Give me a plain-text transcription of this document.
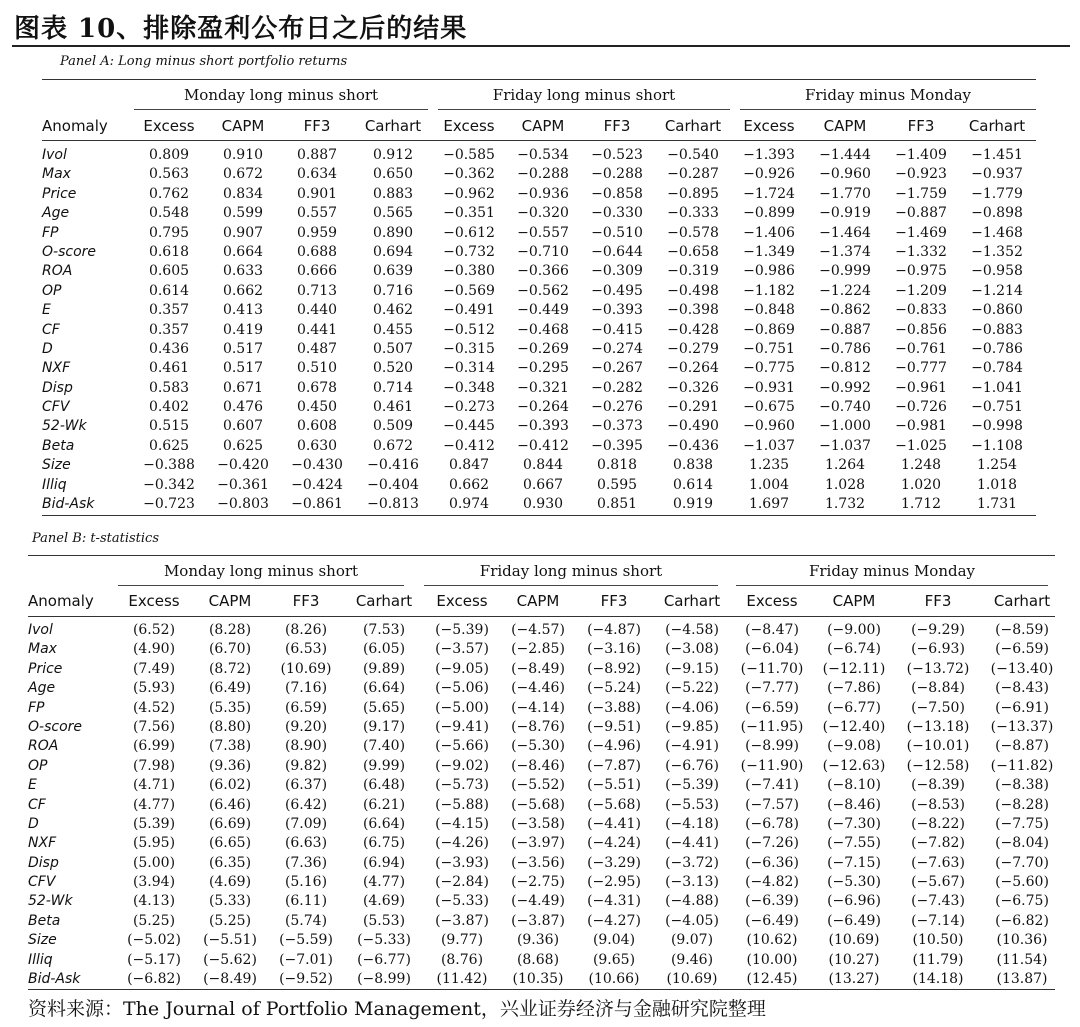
图表 10、排除盈利公布日之后的结果
Panel A: Long minus short portfolio returns
Monday long minus short	Friday long minus short	Friday minus Monday
Anomaly	Excess	CAPM	FF3	Carhart	Excess	CAPM	FF3	Carhart	Excess	CAPM	FF3	Carhart
Ivol	0.809	0.910	0.887	0.912	−0.585	−0.534	−0.523	−0.540	−1.393	−1.444	−1.409	−1.451
Max	0.563	0.672	0.634	0.650	−0.362	−0.288	−0.288	−0.287	−0.926	−0.960	−0.923	−0.937
Price	0.762	0.834	0.901	0.883	−0.962	−0.936	−0.858	−0.895	−1.724	−1.770	−1.759	−1.779
Age	0.548	0.599	0.557	0.565	−0.351	−0.320	−0.330	−0.333	−0.899	−0.919	−0.887	−0.898
FP	0.795	0.907	0.959	0.890	−0.612	−0.557	−0.510	−0.578	−1.406	−1.464	−1.469	−1.468
O-score	0.618	0.664	0.688	0.694	−0.732	−0.710	−0.644	−0.658	−1.349	−1.374	−1.332	−1.352
ROA	0.605	0.633	0.666	0.639	−0.380	−0.366	−0.309	−0.319	−0.986	−0.999	−0.975	−0.958
OP	0.614	0.662	0.713	0.716	−0.569	−0.562	−0.495	−0.498	−1.182	−1.224	−1.209	−1.214
E	0.357	0.413	0.440	0.462	−0.491	−0.449	−0.393	−0.398	−0.848	−0.862	−0.833	−0.860
CF	0.357	0.419	0.441	0.455	−0.512	−0.468	−0.415	−0.428	−0.869	−0.887	−0.856	−0.883
D	0.436	0.517	0.487	0.507	−0.315	−0.269	−0.274	−0.279	−0.751	−0.786	−0.761	−0.786
NXF	0.461	0.517	0.510	0.520	−0.314	−0.295	−0.267	−0.264	−0.775	−0.812	−0.777	−0.784
Disp	0.583	0.671	0.678	0.714	−0.348	−0.321	−0.282	−0.326	−0.931	−0.992	−0.961	−1.041
CFV	0.402	0.476	0.450	0.461	−0.273	−0.264	−0.276	−0.291	−0.675	−0.740	−0.726	−0.751
52-Wk	0.515	0.607	0.608	0.509	−0.445	−0.393	−0.373	−0.490	−0.960	−1.000	−0.981	−0.998
Beta	0.625	0.625	0.630	0.672	−0.412	−0.412	−0.395	−0.436	−1.037	−1.037	−1.025	−1.108
Size	−0.388	−0.420	−0.430	−0.416	0.847	0.844	0.818	0.838	1.235	1.264	1.248	1.254
Illiq	−0.342	−0.361	−0.424	−0.404	0.662	0.667	0.595	0.614	1.004	1.028	1.020	1.018
Bid-Ask	−0.723	−0.803	−0.861	−0.813	0.974	0.930	0.851	0.919	1.697	1.732	1.712	1.731
Panel B: t-statistics
Monday long minus short	Friday long minus short	Friday minus Monday
Anomaly	Excess	CAPM	FF3	Carhart	Excess	CAPM	FF3	Carhart	Excess	CAPM	FF3	Carhart
Ivol	(6.52)	(8.28)	(8.26)	(7.53)	(−5.39)	(−4.57)	(−4.87)	(−4.58)	(−8.47)	(−9.00)	(−9.29)	(−8.59)
Max	(4.90)	(6.70)	(6.53)	(6.05)	(−3.57)	(−2.85)	(−3.16)	(−3.08)	(−6.04)	(−6.74)	(−6.93)	(−6.59)
Price	(7.49)	(8.72)	(10.69)	(9.89)	(−9.05)	(−8.49)	(−8.92)	(−9.15)	(−11.70)	(−12.11)	(−13.72)	(−13.40)
Age	(5.93)	(6.49)	(7.16)	(6.64)	(−5.06)	(−4.46)	(−5.24)	(−5.22)	(−7.77)	(−7.86)	(−8.84)	(−8.43)
FP	(4.52)	(5.35)	(6.59)	(5.65)	(−5.00)	(−4.14)	(−3.88)	(−4.06)	(−6.59)	(−6.77)	(−7.50)	(−6.91)
O-score	(7.56)	(8.80)	(9.20)	(9.17)	(−9.41)	(−8.76)	(−9.51)	(−9.85)	(−11.95)	(−12.40)	(−13.18)	(−13.37)
ROA	(6.99)	(7.38)	(8.90)	(7.40)	(−5.66)	(−5.30)	(−4.96)	(−4.91)	(−8.99)	(−9.08)	(−10.01)	(−8.87)
OP	(7.98)	(9.36)	(9.82)	(9.99)	(−9.02)	(−8.46)	(−7.87)	(−6.76)	(−11.90)	(−12.63)	(−12.58)	(−11.82)
E	(4.71)	(6.02)	(6.37)	(6.48)	(−5.73)	(−5.52)	(−5.51)	(−5.39)	(−7.41)	(−8.10)	(−8.39)	(−8.38)
CF	(4.77)	(6.46)	(6.42)	(6.21)	(−5.88)	(−5.68)	(−5.68)	(−5.53)	(−7.57)	(−8.46)	(−8.53)	(−8.28)
D	(5.39)	(6.69)	(7.09)	(6.64)	(−4.15)	(−3.58)	(−4.41)	(−4.18)	(−6.78)	(−7.30)	(−8.22)	(−7.75)
NXF	(5.95)	(6.65)	(6.63)	(6.75)	(−4.26)	(−3.97)	(−4.24)	(−4.41)	(−7.26)	(−7.55)	(−7.82)	(−8.04)
Disp	(5.00)	(6.35)	(7.36)	(6.94)	(−3.93)	(−3.56)	(−3.29)	(−3.72)	(−6.36)	(−7.15)	(−7.63)	(−7.70)
CFV	(3.94)	(4.69)	(5.16)	(4.77)	(−2.84)	(−2.75)	(−2.95)	(−3.13)	(−4.82)	(−5.30)	(−5.67)	(−5.60)
52-Wk	(4.13)	(5.33)	(6.11)	(4.69)	(−5.33)	(−4.49)	(−4.31)	(−4.88)	(−6.39)	(−6.96)	(−7.43)	(−6.75)
Beta	(5.25)	(5.25)	(5.74)	(5.53)	(−3.87)	(−3.87)	(−4.27)	(−4.05)	(−6.49)	(−6.49)	(−7.14)	(−6.82)
Size	(−5.02)	(−5.51)	(−5.59)	(−5.33)	(9.77)	(9.36)	(9.04)	(9.07)	(10.62)	(10.69)	(10.50)	(10.36)
Illiq	(−5.17)	(−5.62)	(−7.01)	(−6.77)	(8.76)	(8.68)	(9.65)	(9.46)	(10.00)	(10.27)	(11.79)	(11.54)
Bid-Ask	(−6.82)	(−8.49)	(−9.52)	(−8.99)	(11.42)	(10.35)	(10.66)	(10.69)	(12.45)	(13.27)	(14.18)	(13.87)
资料来源：The Journal of Portfolio Management，兴业证券经济与金融研究院整理
